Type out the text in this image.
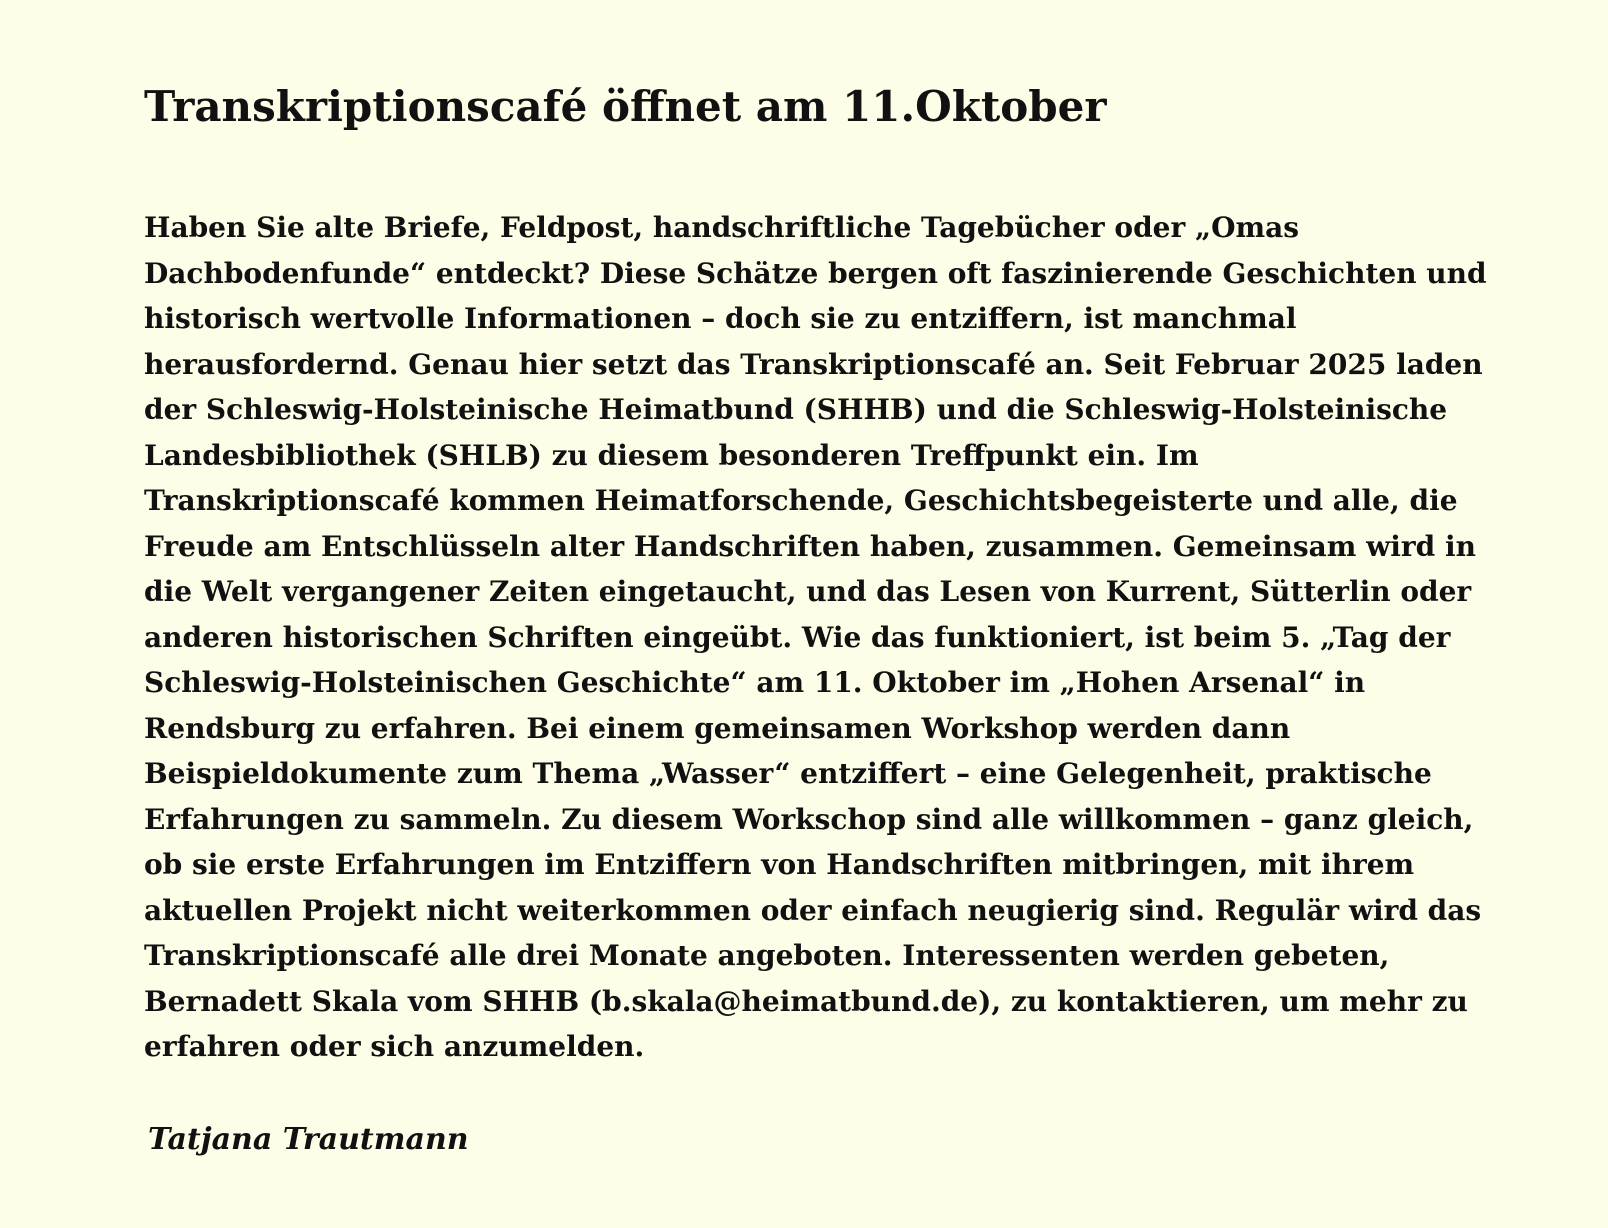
Transkriptionscafé öffnet am 11.Oktober
Haben Sie alte Briefe, Feldpost, handschriftliche Tagebücher oder „Omas
Dachbodenfunde“ entdeckt? Diese Schätze bergen oft faszinierende Geschichten und
historisch wertvolle Informationen – doch sie zu entziffern, ist manchmal
herausfordernd. Genau hier setzt das Transkriptionscafé an. Seit Februar 2025 laden
der Schleswig-Holsteinische Heimatbund (SHHB) und die Schleswig-Holsteinische
Landesbibliothek (SHLB) zu diesem besonderen Treffpunkt ein. Im
Transkriptionscafé kommen Heimatforschende, Geschichtsbegeisterte und alle, die
Freude am Entschlüsseln alter Handschriften haben, zusammen. Gemeinsam wird in
die Welt vergangener Zeiten eingetaucht, und das Lesen von Kurrent, Sütterlin oder
anderen historischen Schriften eingeübt. Wie das funktioniert, ist beim 5. „Tag der
Schleswig-Holsteinischen Geschichte“ am 11. Oktober im „Hohen Arsenal“ in
Rendsburg zu erfahren. Bei einem gemeinsamen Workshop werden dann
Beispieldokumente zum Thema „Wasser“ entziffert – eine Gelegenheit, praktische
Erfahrungen zu sammeln. Zu diesem Workschop sind alle willkommen – ganz gleich,
ob sie erste Erfahrungen im Entziffern von Handschriften mitbringen, mit ihrem
aktuellen Projekt nicht weiterkommen oder einfach neugierig sind. Regulär wird das
Transkriptionscafé alle drei Monate angeboten. Interessenten werden gebeten,
Bernadett Skala vom SHHB (b.skala@heimatbund.de), zu kontaktieren, um mehr zu
erfahren oder sich anzumelden.

Tatjana Trautmann
